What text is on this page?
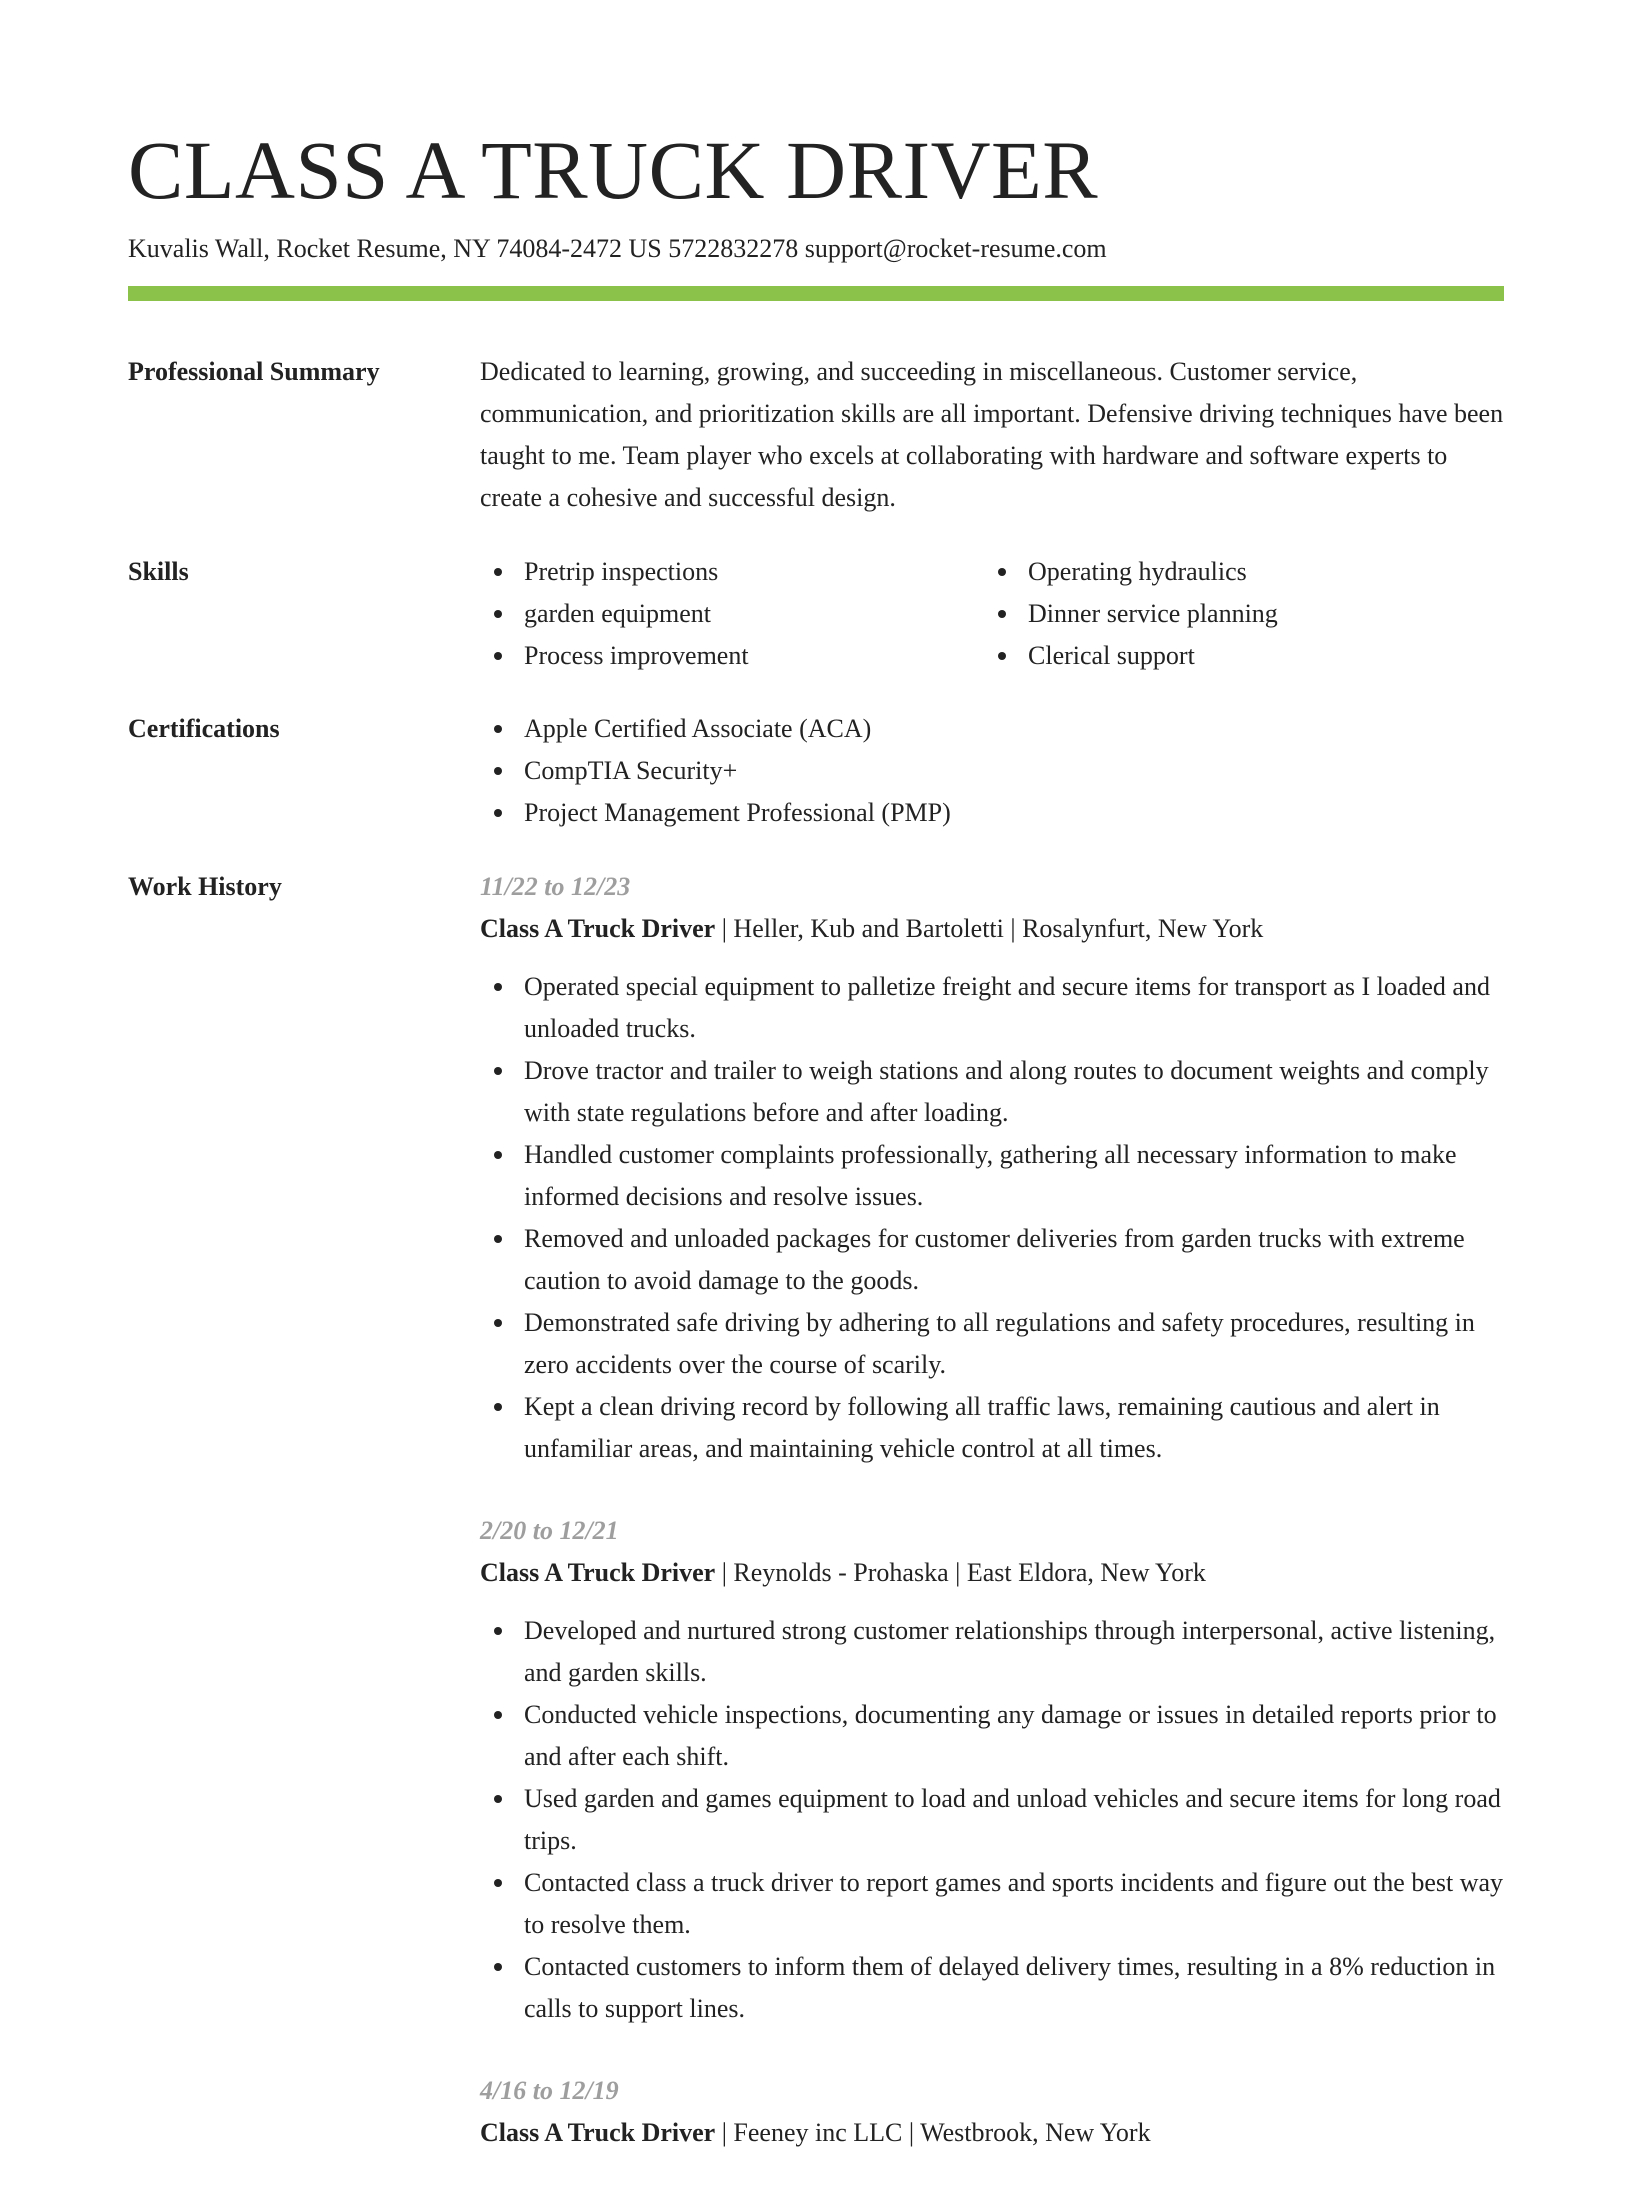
CLASS A TRUCK DRIVER
Kuvalis Wall, Rocket Resume, NY 74084-2472 US 5722832278 support@rocket-resume.com
Professional Summary	Dedicated to learning, growing, and succeeding in miscellaneous. Customer service, communication, and prioritization skills are all important. Defensive driving techniques have been taught to me. Team player who excels at collaborating with hardware and software experts to create a cohesive and successful design.

Skills	Pretrip inspections
garden equipment
Process improvement
Operating hydraulics
Dinner service planning
Clerical support
Certifications	Apple Certified Associate (ACA)
CompTIA Security+
Project Management Professional (PMP)
Work History	11/22 to 12/23
Class A Truck Driver | Heller, Kub and Bartoletti | Rosalynfurt, New York
Operated special equipment to palletize freight and secure items for transport as I loaded and unloaded trucks.
Drove tractor and trailer to weigh stations and along routes to document weights and comply with state regulations before and after loading.
Handled customer complaints professionally, gathering all necessary information to make informed decisions and resolve issues.
Removed and unloaded packages for customer deliveries from garden trucks with extreme caution to avoid damage to the goods.
Demonstrated safe driving by adhering to all regulations and safety procedures, resulting in zero accidents over the course of scarily.
Kept a clean driving record by following all traffic laws, remaining cautious and alert in unfamiliar areas, and maintaining vehicle control at all times.
2/20 to 12/21
Class A Truck Driver | Reynolds - Prohaska | East Eldora, New York
Developed and nurtured strong customer relationships through interpersonal, active listening, and garden skills.
Conducted vehicle inspections, documenting any damage or issues in detailed reports prior to and after each shift.
Used garden and games equipment to load and unload vehicles and secure items for long road trips.
Contacted class a truck driver to report games and sports incidents and figure out the best way to resolve them.
Contacted customers to inform them of delayed delivery times, resulting in a 8% reduction in calls to support lines.
4/16 to 12/19
Class A Truck Driver | Feeney inc LLC | Westbrook, New York
